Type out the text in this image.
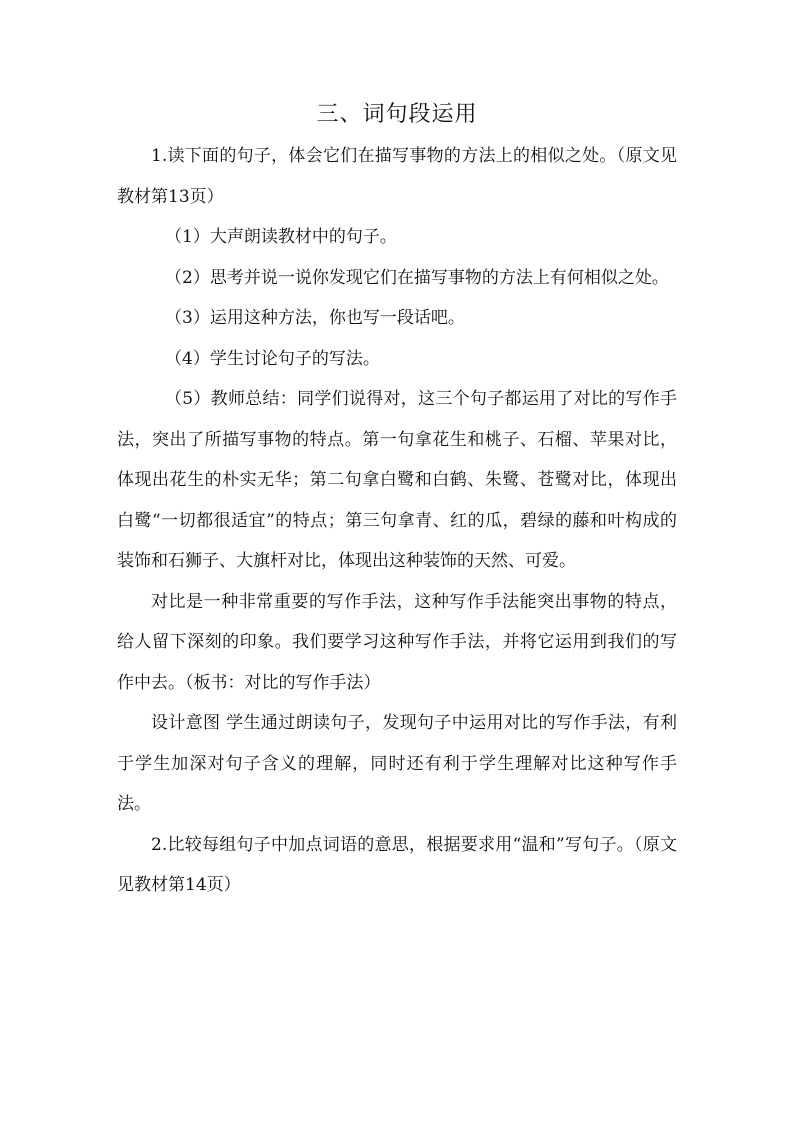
三、词句段运用

1.读下面的句子，体会它们在描写事物的方法上的相似之处。（原文见教材第13页）

（1）大声朗读教材中的句子。

（2）思考并说一说你发现它们在描写事物的方法上有何相似之处。

（3）运用这种方法，你也写一段话吧。

（4）学生讨论句子的写法。

（5）教师总结：同学们说得对，这三个句子都运用了对比的写作手法，突出了所描写事物的特点。第一句拿花生和桃子、石榴、苹果对比，体现出花生的朴实无华；第二句拿白鹭和白鹤、朱鹭、苍鹭对比，体现出白鹭“一切都很适宜”的特点；第三句拿青、红的瓜，碧绿的藤和叶构成的装饰和石狮子、大旗杆对比，体现出这种装饰的天然、可爱。

对比是一种非常重要的写作手法，这种写作手法能突出事物的特点，给人留下深刻的印象。我们要学习这种写作手法，并将它运用到我们的写作中去。（板书：对比的写作手法）

设计意图 学生通过朗读句子，发现句子中运用对比的写作手法，有利于学生加深对句子含义的理解，同时还有利于学生理解对比这种写作手法。

2.比较每组句子中加点词语的意思，根据要求用“温和”写句子。（原文见教材第14页）
